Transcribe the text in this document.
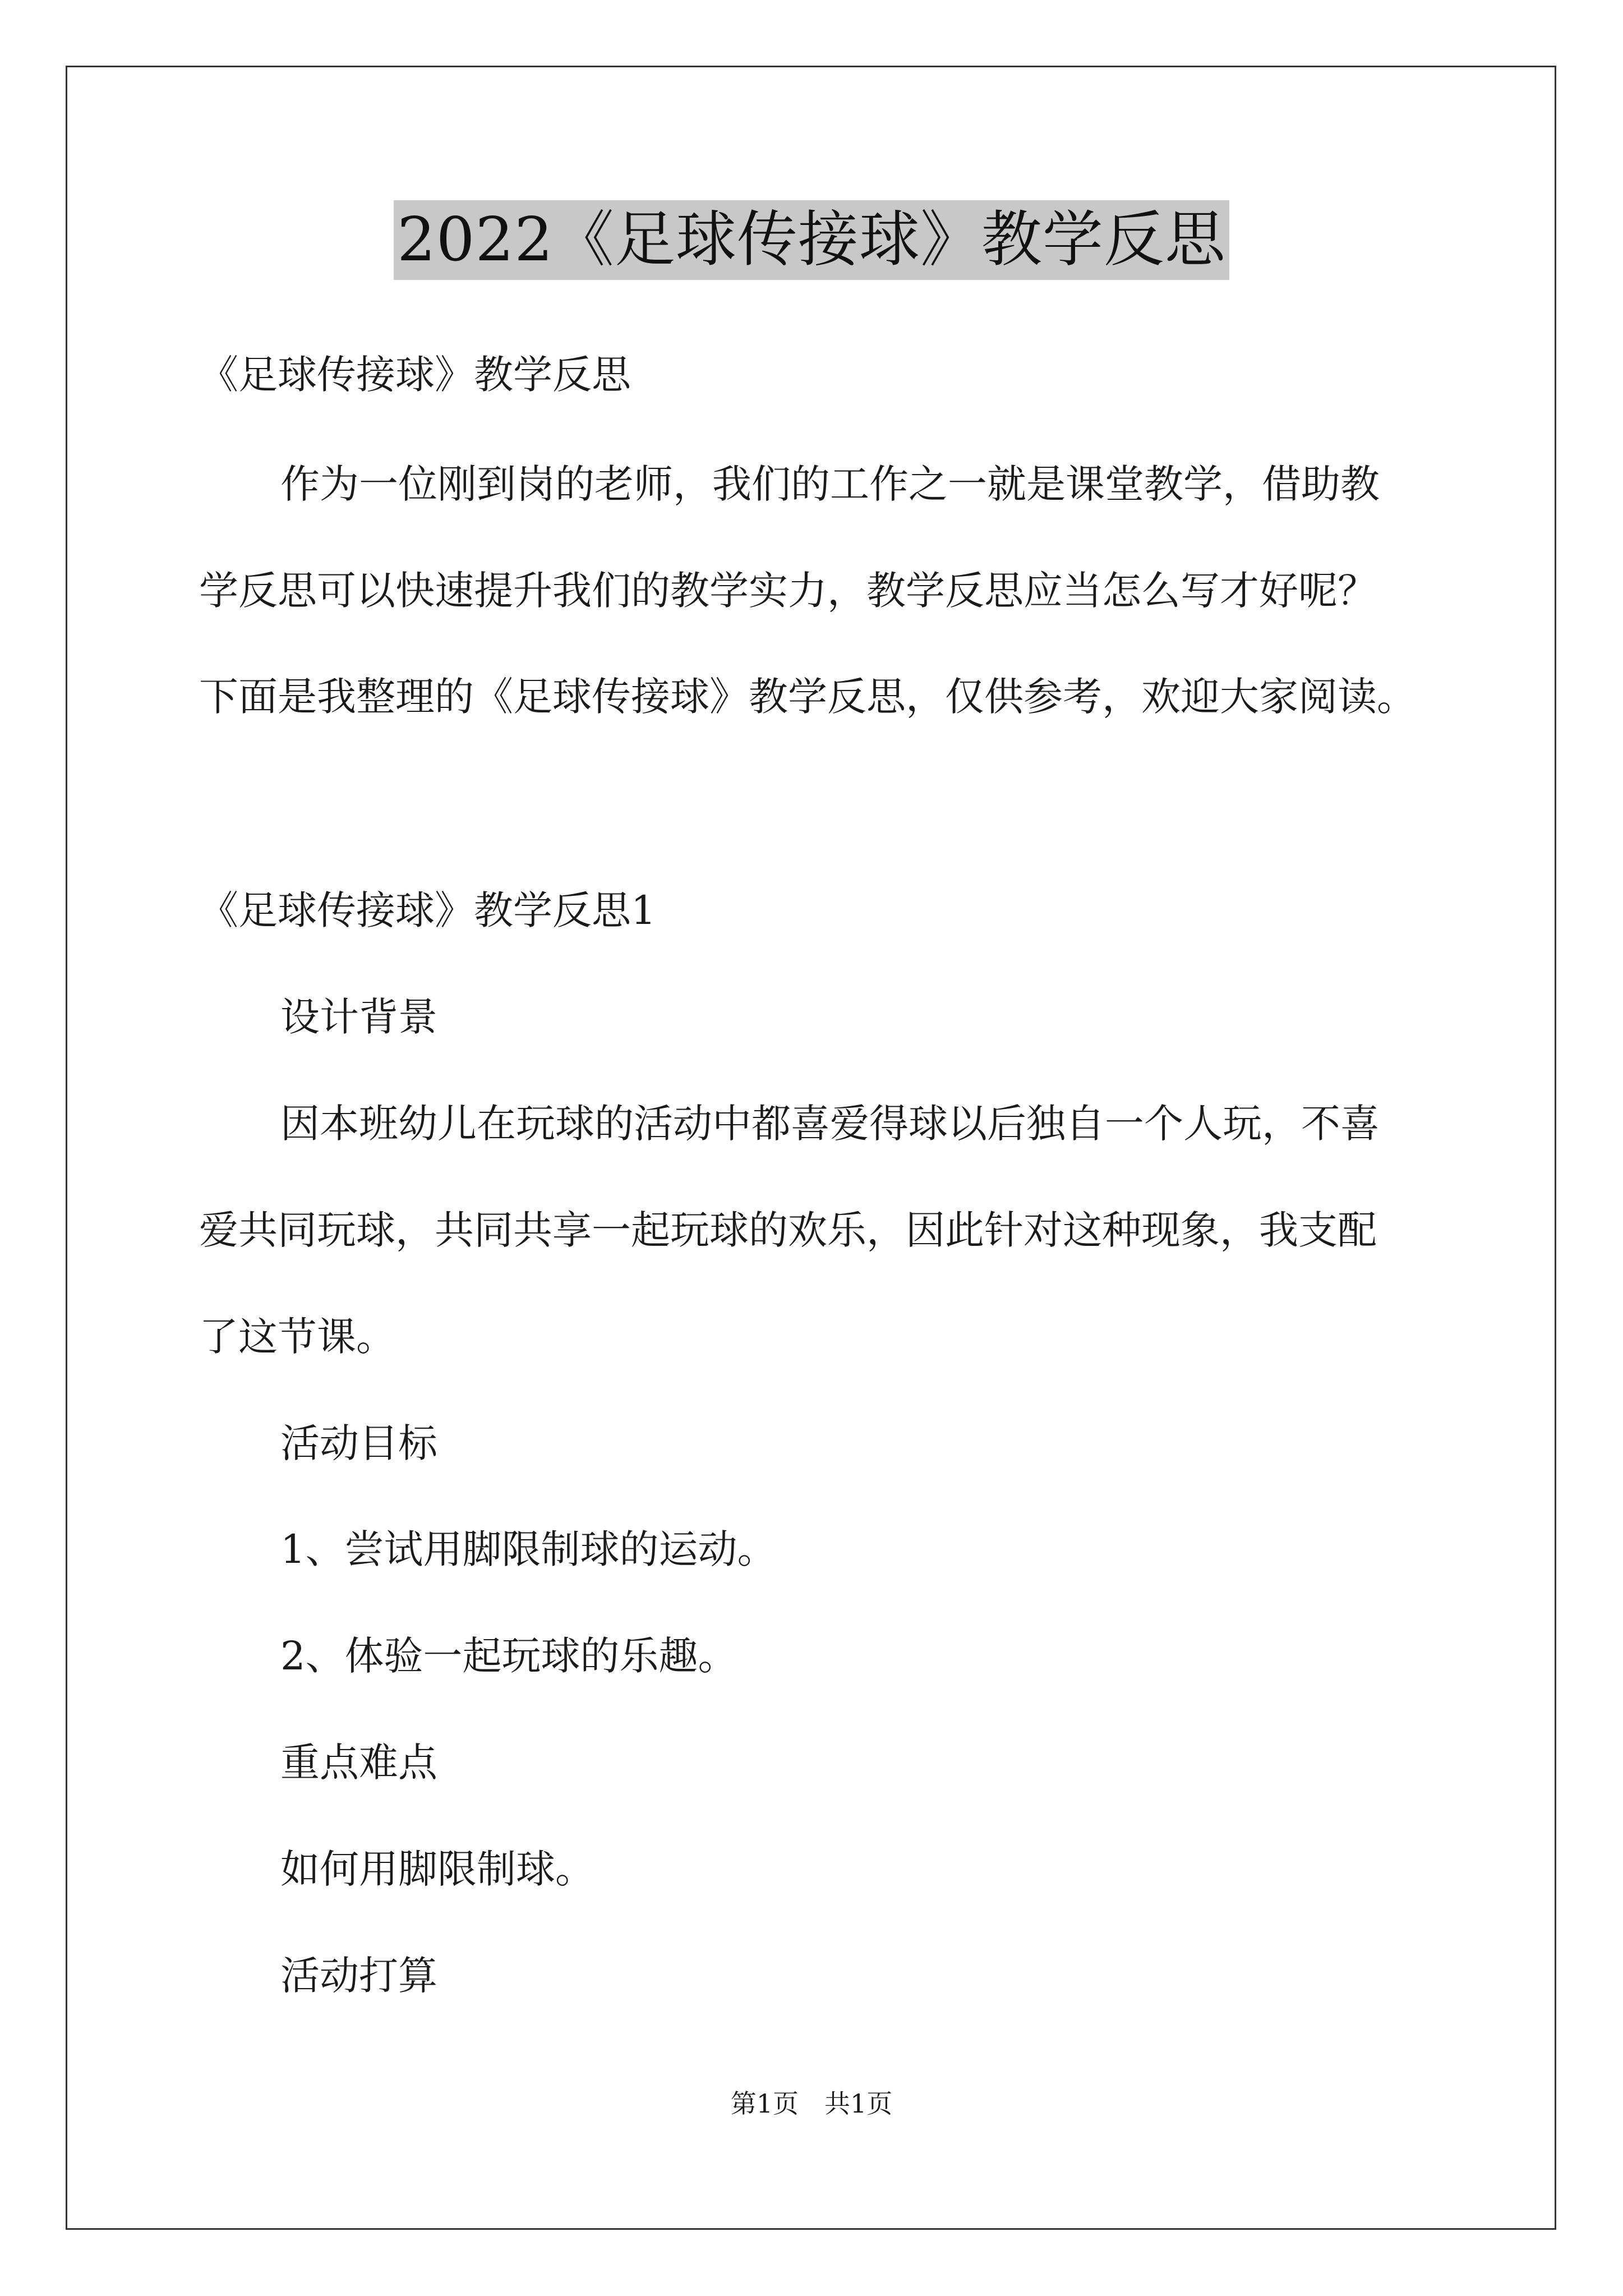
2022《足球传接球》教学反思
《足球传接球》教学反思
作为一位刚到岗的老师，我们的工作之一就是课堂教学，借助教
学反思可以快速提升我们的教学实力，教学反思应当怎么写才好呢？
下面是我整理的《足球传接球》教学反思，仅供参考，欢迎大家阅读。
《足球传接球》教学反思1
设计背景
因本班幼儿在玩球的活动中都喜爱得球以后独自一个人玩，不喜
爱共同玩球，共同共享一起玩球的欢乐，因此针对这种现象，我支配
了这节课。
活动目标
1、尝试用脚限制球的运动。
2、体验一起玩球的乐趣。
重点难点
如何用脚限制球。
活动打算
第1页　共1页
